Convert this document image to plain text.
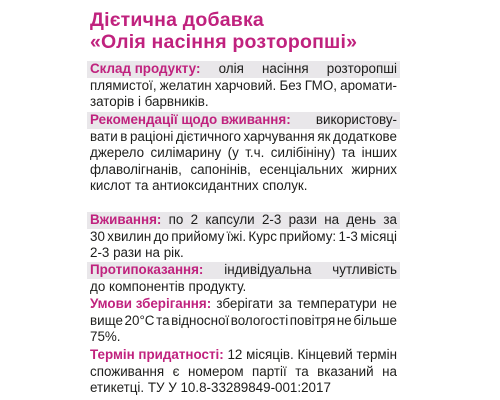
Дієтична добавка
«Олія насіння розторопші»
Склад продукту: олія насіння розторопші
плямистої, желатин харчовий. Без ГМО, аромати-
заторів і барвників.
Рекомендації щодо вживання: використову-
вати в раціоні дієтичного харчування як додаткове
джерело силімарину (у т.ч. силібініну) та інших
флаволігнанів, сапонінів, есенціальних жирних
кислот та антиоксидантних сполук.
Вживання: по 2 капсули 2-3 рази на день за
30 хвилин до прийому їжі. Курс прийому: 1-3 місяці
2-3 рази на рік.
Протипоказання: індивідуальна чутливість
до компонентів продукту.
Умови зберігання: зберігати за температури не
вище 20°С та відносної вологості повітря не більше
75%.
Термін придатності: 12 місяців. Кінцевий термін
споживання є номером партії та вказаний на
етикетці. ТУ У 10.8-33289849-001:2017
